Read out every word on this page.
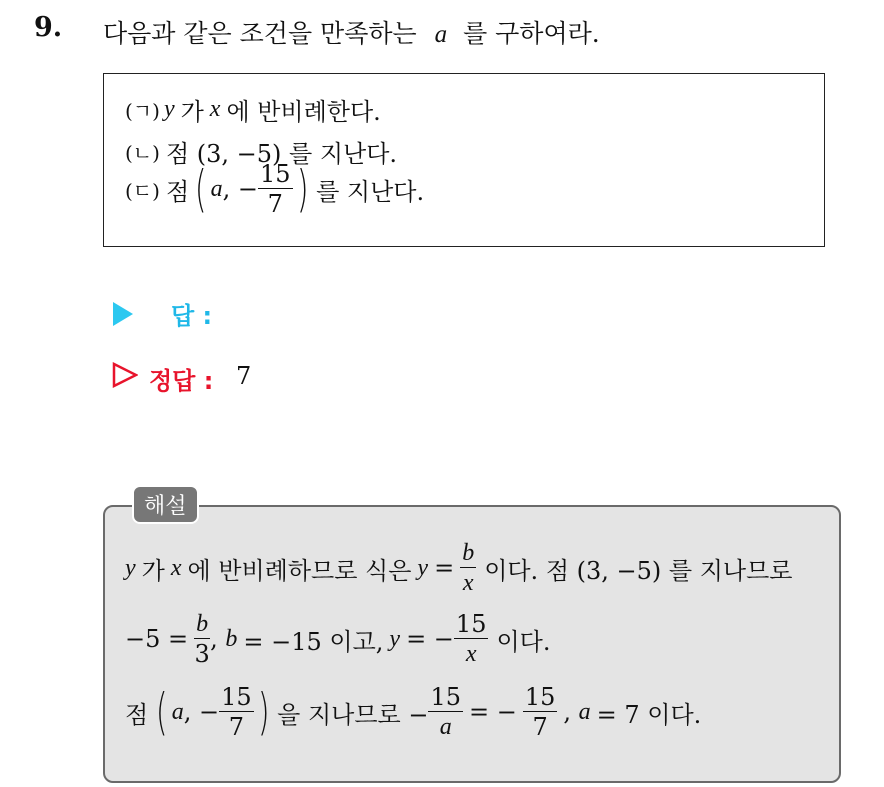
9. 다음과 같은 조건을 만족하는 a 를 구하여라.
(ㄱ) y 가 x 에 반비례한다.
(ㄴ) 점 (3, −5) 를 지난다.
(ㄷ) 점 ( a , − $\frac{15}{7}$ ) 를 지난다.
답 :
정답 : 7
해설
y 가 x 에 반비례하므로 식은 $y = \frac{b}{x}$ 이다. 점 (3, −5) 를 지나므로
$-5 = \frac{b}{3}$ , b = −15 이고, y = − $\frac{15}{x}$ 이다.
점 ( a , − $\frac{15}{7}$ ) 을 지나므로 − $\frac{15}{a}$ = − $\frac{15}{7}$ , a = 7 이다.
